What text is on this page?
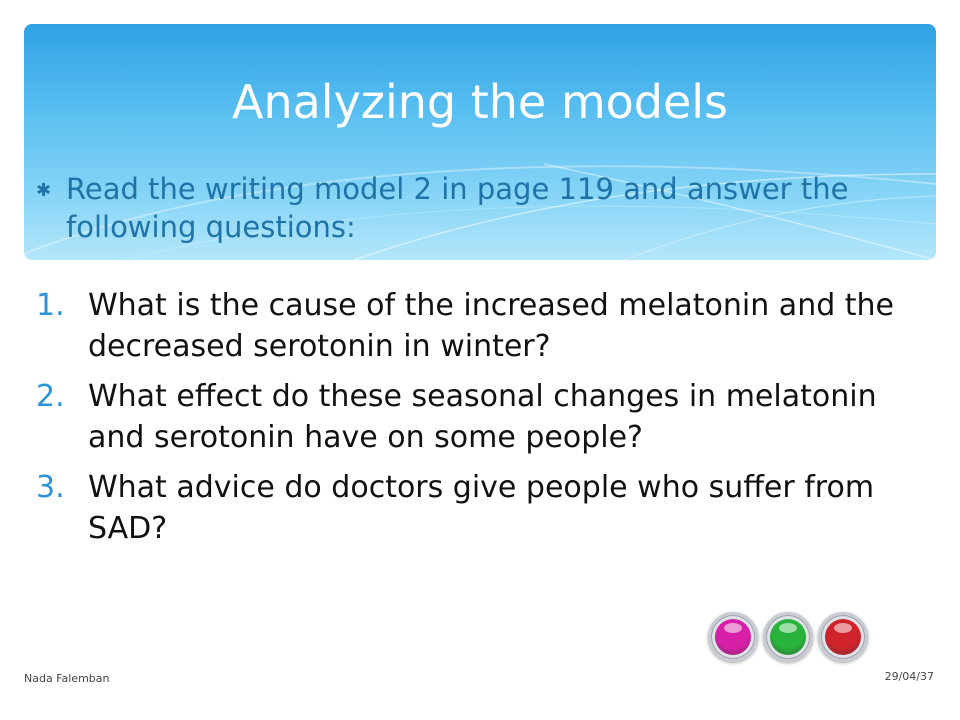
Analyzing the models
✱ Read the writing model 2 in page 119 and answer the following questions:
1. What is the cause of the increased melatonin and the decreased serotonin in winter?
2. What effect do these seasonal changes in melatonin and serotonin have on some people?
3. What advice do doctors give people who suffer from SAD?
Nada Falemban	29/04/37
